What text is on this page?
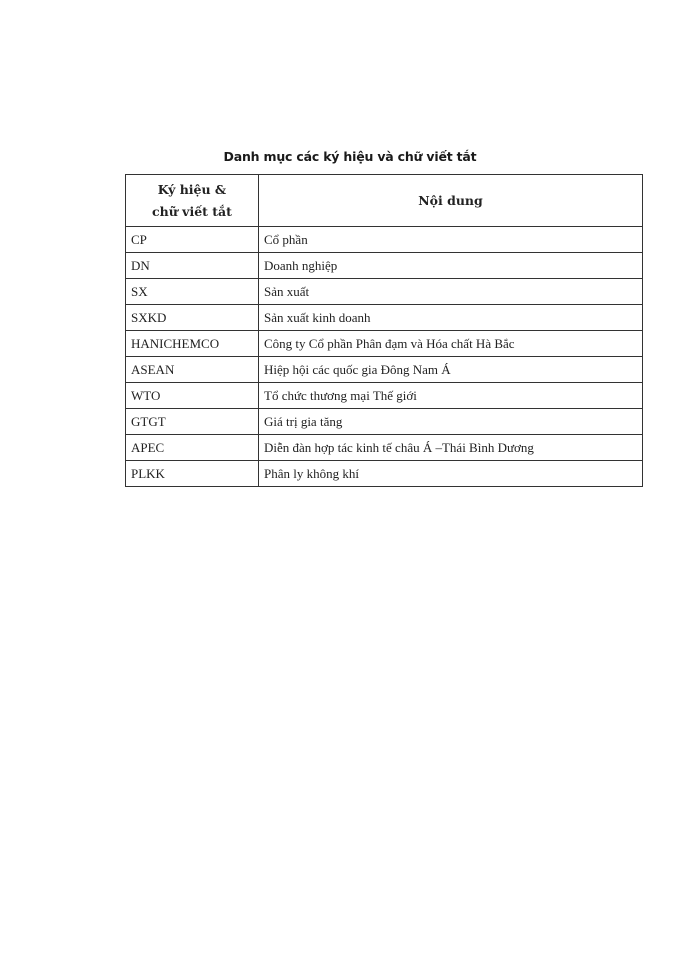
Danh mục các ký hiệu và chữ viết tắt
Ký hiệu &
chữ viết tắt	Nội dung
CP	Cổ phần
DN	Doanh nghiệp
SX	Sản xuất
SXKD	Sản xuất kinh doanh
HANICHEMCO	Công ty Cổ phần Phân đạm và Hóa chất Hà Bắc
ASEAN	Hiệp hội các quốc gia Đông Nam Á
WTO	Tổ chức thương mại Thế giới
GTGT	Giá trị gia tăng
APEC	Diễn đàn hợp tác kinh tế châu Á –Thái Bình Dương
PLKK	Phân ly không khí
